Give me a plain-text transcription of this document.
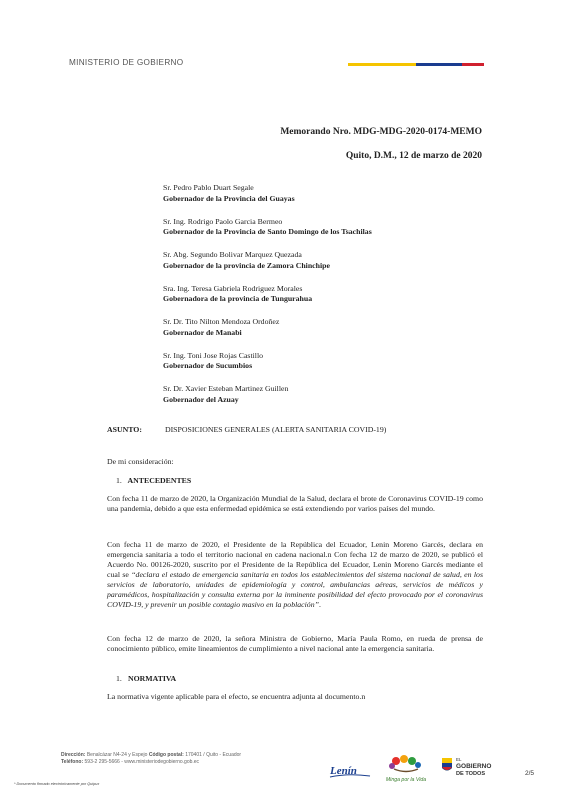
MINISTERIO DE GOBIERNO
Memorando Nro. MDG-MDG-2020-0174-MEMO
Quito, D.M., 12 de marzo de 2020
Sr. Pedro Pablo Duart Segale
Gobernador de la Provincia del Guayas
Sr. Ing. Rodrigo Paolo Garcia Bermeo
Gobernador de la Provincia de Santo Domingo de los Tsachilas
Sr. Abg. Segundo Bolivar Marquez Quezada
Gobernador de la provincia de Zamora Chinchipe
Sra. Ing. Teresa Gabriela Rodriguez Morales
Gobernadora de la provincia de Tungurahua
Sr. Dr. Tito Nilton Mendoza Ordoñez
Gobernador de Manabi
Sr. Ing. Toni Jose Rojas Castillo
Gobernador de Sucumbios
Sr. Dr. Xavier Esteban Martinez Guillen
Gobernador del Azuay
ASUNTO:	DISPOSICIONES GENERALES (ALERTA SANITARIA COVID-19)
De mi consideración:
1. ANTECEDENTES
Con fecha 11 de marzo de 2020, la Organización Mundial de la Salud, declara el brote de Coronavirus COVID-19 como una pandemia, debido a que esta enfermedad epidémica se está extendiendo por varios países del mundo.
Con fecha 11 de marzo de 2020, el Presidente de la República del Ecuador, Lenin Moreno Garcés, declara en emergencia sanitaria a todo el territorio nacional en cadena nacional.n Con fecha 12 de marzo de 2020, se publicó el Acuerdo No. 00126-2020, suscrito por el Presidente de la República del Ecuador, Lenin Moreno Garcés mediante el cual se “declara el estado de emergencia sanitaria en todos los establecimientos del sistema nacional de salud, en los servicios de laboratorio, unidades de epidemiología y control, ambulancias aéreas, servicios de médicos y paramédicos, hospitalización y consulta externa por la inminente posibilidad del efecto provocado por el coronavirus COVID-19, y prevenir un posible contagio masivo en la población”.
Con fecha 12 de marzo de 2020, la señora Ministra de Gobierno, María Paula Romo, en rueda de prensa de conocimiento público, emite lineamientos de cumplimiento a nivel nacional ante la emergencia sanitaria.
1. NORMATIVA
La normativa vigente aplicable para el efecto, se encuentra adjunta al documento.n
Dirección: Benalcázar N4-24 y Espejo Código postal: 170401 / Quito - Ecuador
Teléfono: 593-2 295-5666 - www.ministeriodegobierno.gob.ec
* Documento firmado electrónicamente por Quipux
Lenín
Minga por la Vida
EL
GOBIERNO
DE TODOS	2/5
